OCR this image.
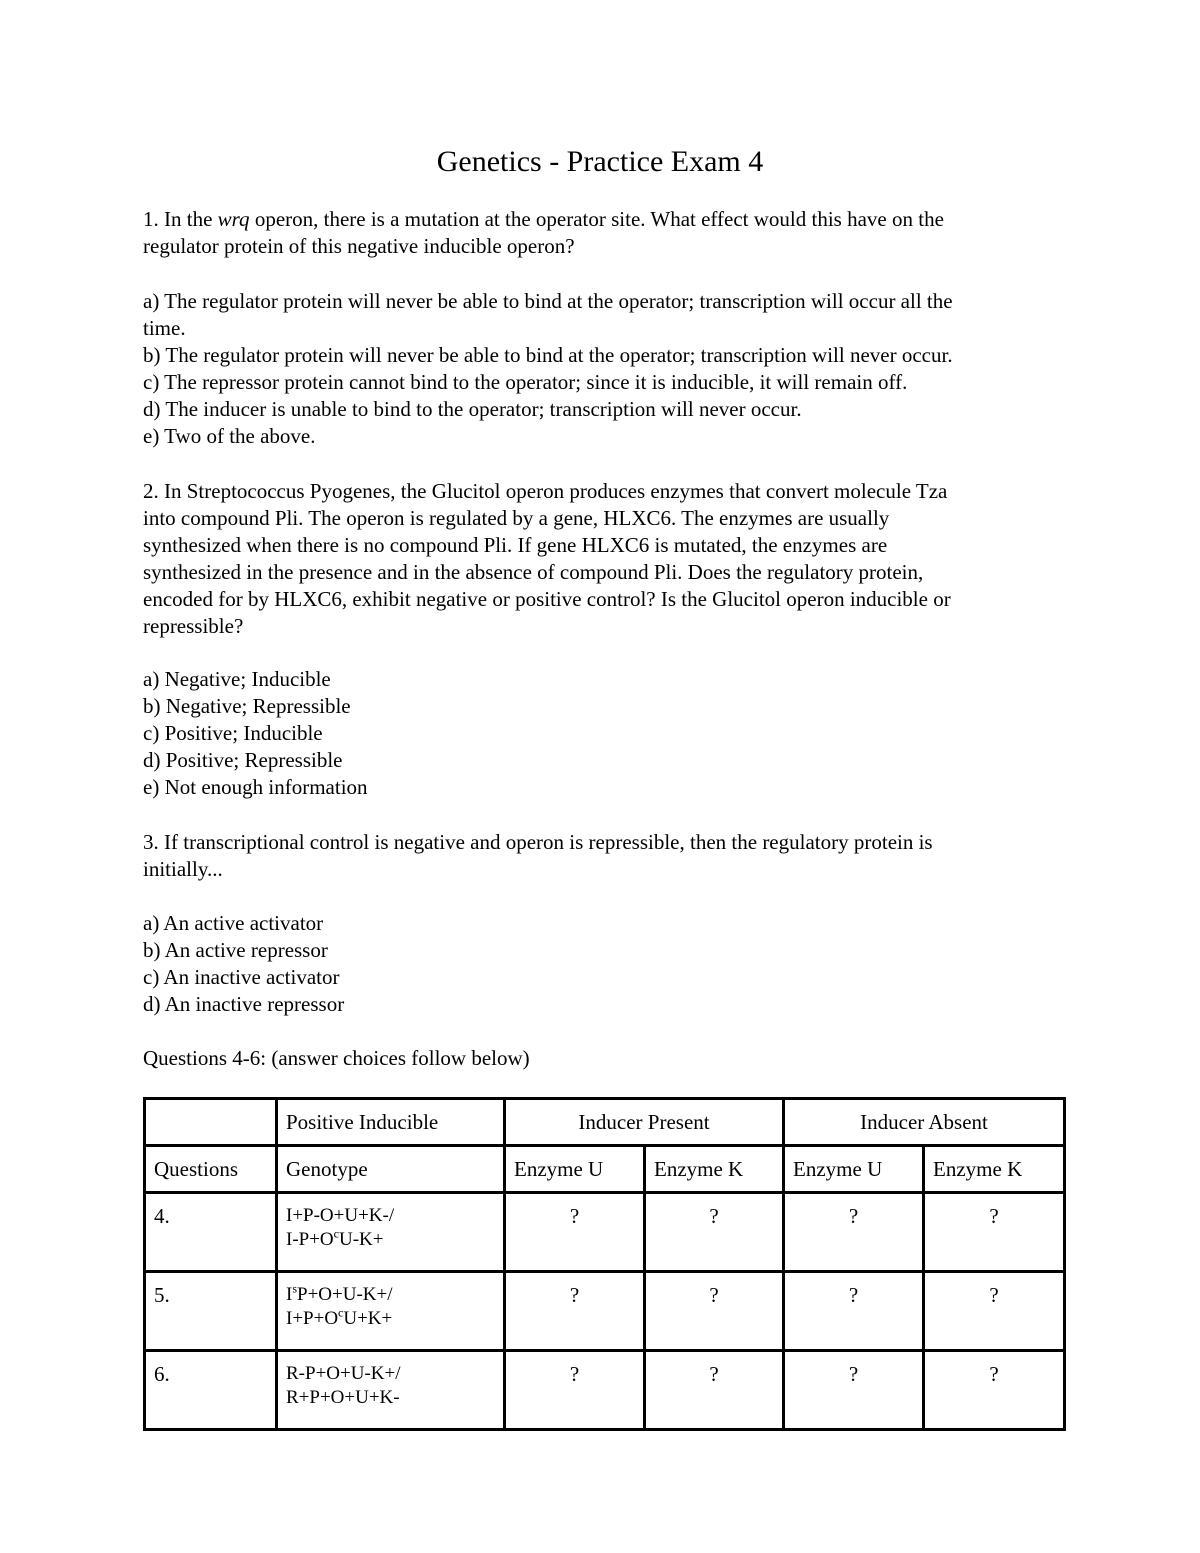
Genetics - Practice Exam 4
1. In the wrq operon, there is a mutation at the operator site. What effect would this have on the
regulator protein of this negative inducible operon?
a) The regulator protein will never be able to bind at the operator; transcription will occur all the
time.
b) The regulator protein will never be able to bind at the operator; transcription will never occur.
c) The repressor protein cannot bind to the operator; since it is inducible, it will remain off.
d) The inducer is unable to bind to the operator; transcription will never occur.
e) Two of the above.
2. In Streptococcus Pyogenes, the Glucitol operon produces enzymes that convert molecule Tza
into compound Pli. The operon is regulated by a gene, HLXC6. The enzymes are usually
synthesized when there is no compound Pli. If gene HLXC6 is mutated, the enzymes are
synthesized in the presence and in the absence of compound Pli. Does the regulatory protein,
encoded for by HLXC6, exhibit negative or positive control? Is the Glucitol operon inducible or
repressible?
a) Negative; Inducible
b) Negative; Repressible
c) Positive; Inducible
d) Positive; Repressible
e) Not enough information
3. If transcriptional control is negative and operon is repressible, then the regulatory protein is
initially...
a) An active activator
b) An active repressor
c) An inactive activator
d) An inactive repressor
Questions 4-6: (answer choices follow below)
	Positive Inducible	Inducer Present		Inducer Absent	
Questions	Genotype	Enzyme U	Enzyme K	Enzyme U	Enzyme K
4.	I+P-O+U+K-/
$I-P+O^cU-K+$	?	?	?	?
5.	$I^sP+O+U-K+/$
$I+P+O^cU+K+$	?	?	?	?
6.	R-P+O+U-K+/
R+P+O+U+K-	?	?	?	?
